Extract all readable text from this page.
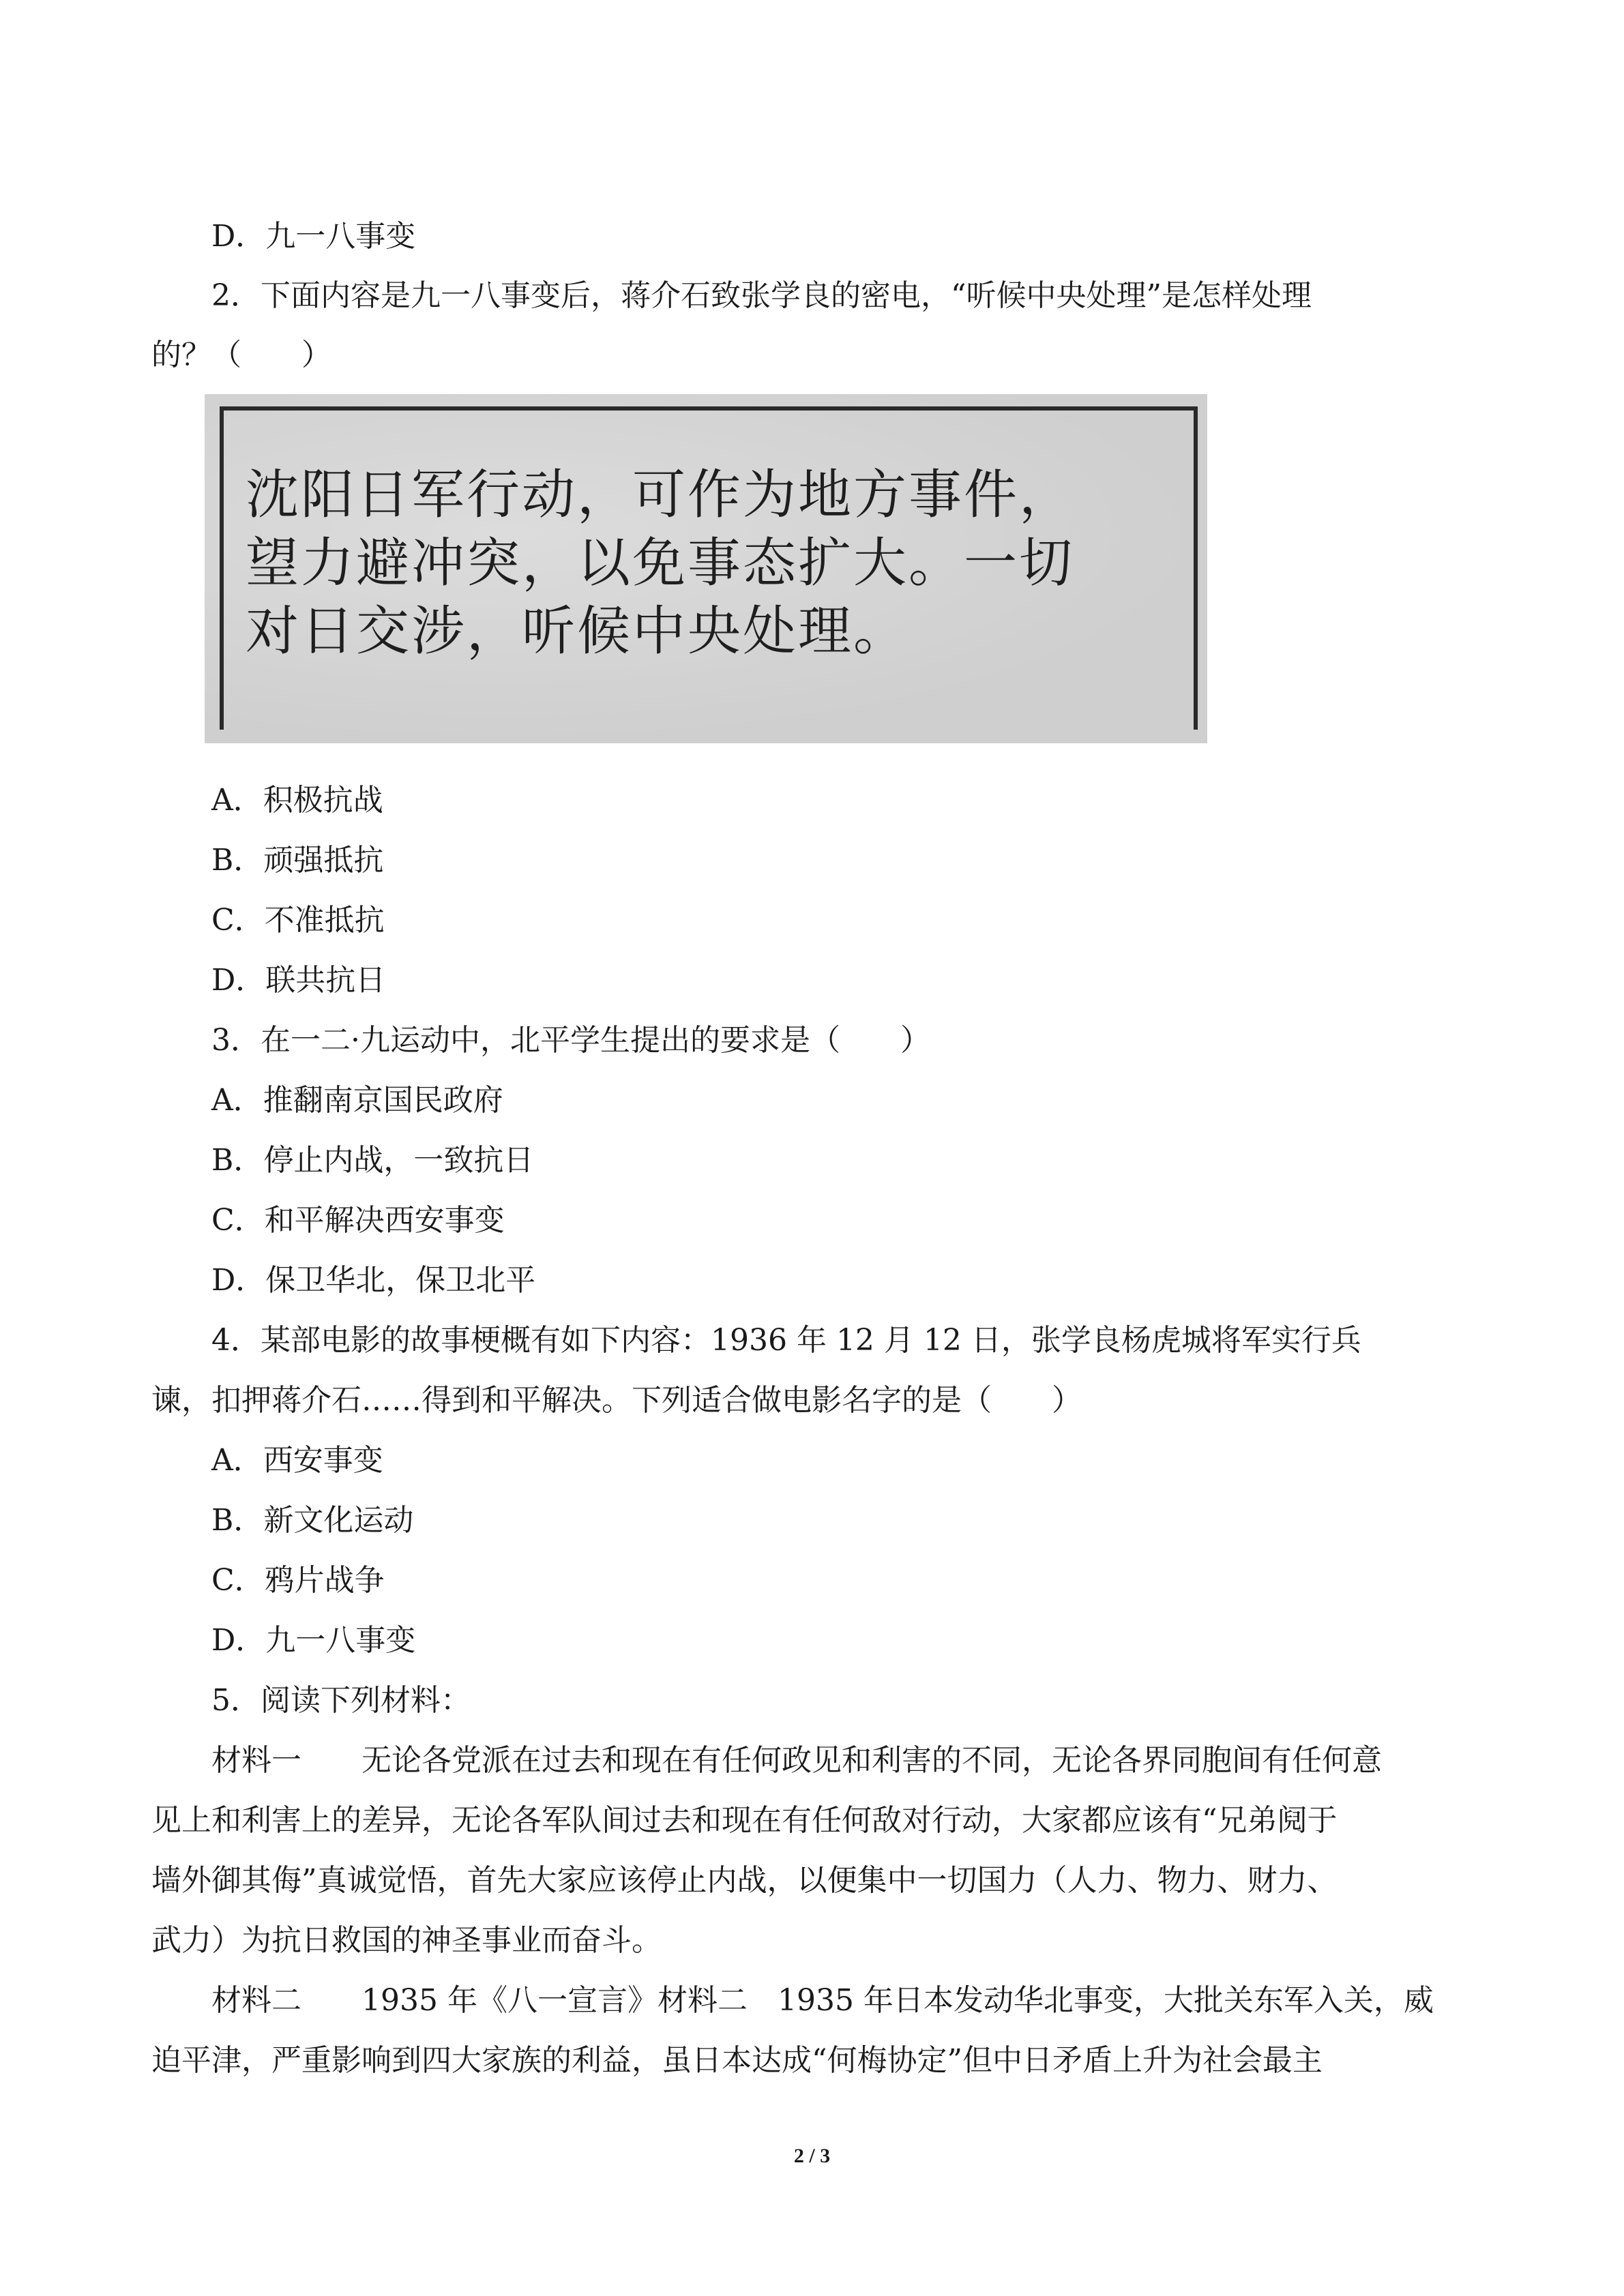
D．九一八事变
2．下面内容是九一八事变后，蒋介石致张学良的密电，“听候中央处理”是怎样处理
的？（　　）
沈阳日军行动，可作为地方事件，
望力避冲突，以免事态扩大。一切
对日交涉，听候中央处理。
A．积极抗战
B．顽强抵抗
C．不准抵抗
D．联共抗日
3．在一二·九运动中，北平学生提出的要求是（　　）
A．推翻南京国民政府
B．停止内战，一致抗日
C．和平解决西安事变
D．保卫华北，保卫北平
4．某部电影的故事梗概有如下内容：1936 年 12 月 12 日，张学良杨虎城将军实行兵
谏，扣押蒋介石……得到和平解决。下列适合做电影名字的是（　　）
A．西安事变
B．新文化运动
C．鸦片战争
D．九一八事变
5．阅读下列材料：
材料一　　无论各党派在过去和现在有任何政见和利害的不同，无论各界同胞间有任何意
见上和利害上的差异，无论各军队间过去和现在有任何敌对行动，大家都应该有“兄弟阋于
墙外御其侮”真诚觉悟，首先大家应该停止内战，以便集中一切国力（人力、物力、财力、
武力）为抗日救国的神圣事业而奋斗。
材料二　　1935 年《八一宣言》材料二　1935 年日本发动华北事变，大批关东军入关，威
迫平津，严重影响到四大家族的利益，虽日本达成“何梅协定”但中日矛盾上升为社会最主
2 / 3
